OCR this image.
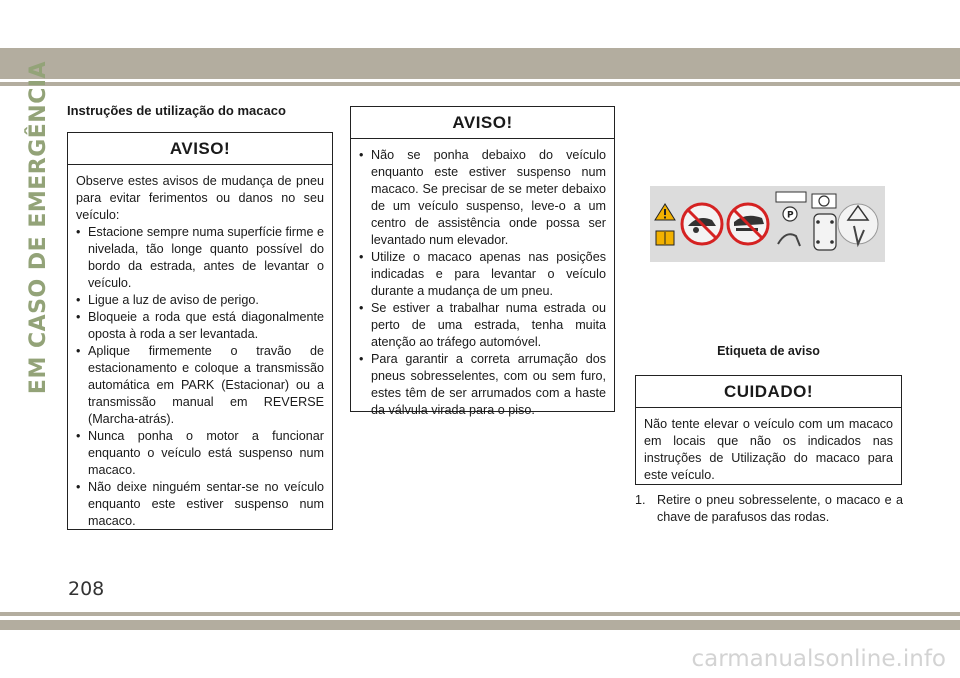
EM CASO DE EMERGÊNCIA Instruções de utilização do macaco
AVISO!

Observe estes avisos de mudança de pneu para evitar ferimentos ou danos no seu veículo:

• Estacione sempre numa superfície firme e nivelada, tão longe quanto possível do bordo da estrada, antes de levantar o veículo.
• Ligue a luz de aviso de perigo.
• Bloqueie a roda que está diagonalmente oposta à roda a ser levantada.
• Aplique firmemente o travão de estacionamento e coloque a transmissão automática em PARK (Estacionar) ou a transmissão manual em REVERSE (Marcha-atrás).
• Nunca ponha o motor a funcionar enquanto o veículo está suspenso num macaco.
• Não deixe ninguém sentar-se no veículo enquanto este estiver suspenso num macaco.
AVISO!
• Não se ponha debaixo do veículo enquanto este estiver suspenso num macaco. Se precisar de se meter debaixo de um veículo suspenso, leve-o a um centro de assistência onde possa ser levantado num elevador.
• Utilize o macaco apenas nas posições indicadas e para levantar o veículo durante a mudança de um pneu.
• Se estiver a trabalhar numa estrada ou perto de uma estrada, tenha muita atenção ao tráfego automóvel.
• Para garantir a correta arrumação dos pneus sobresselentes, com ou sem furo, estes têm de ser arrumados com a haste da válvula virada para o piso.
P

Etiqueta de aviso

CUIDADO!

Não tente elevar o veículo com um macaco em locais que não os indicados nas instruções de Utilização do macaco para este veículo.

1. Retire o pneu sobresselente, o macaco e a chave de parafusos das rodas.

208

carmanualsonline.info
